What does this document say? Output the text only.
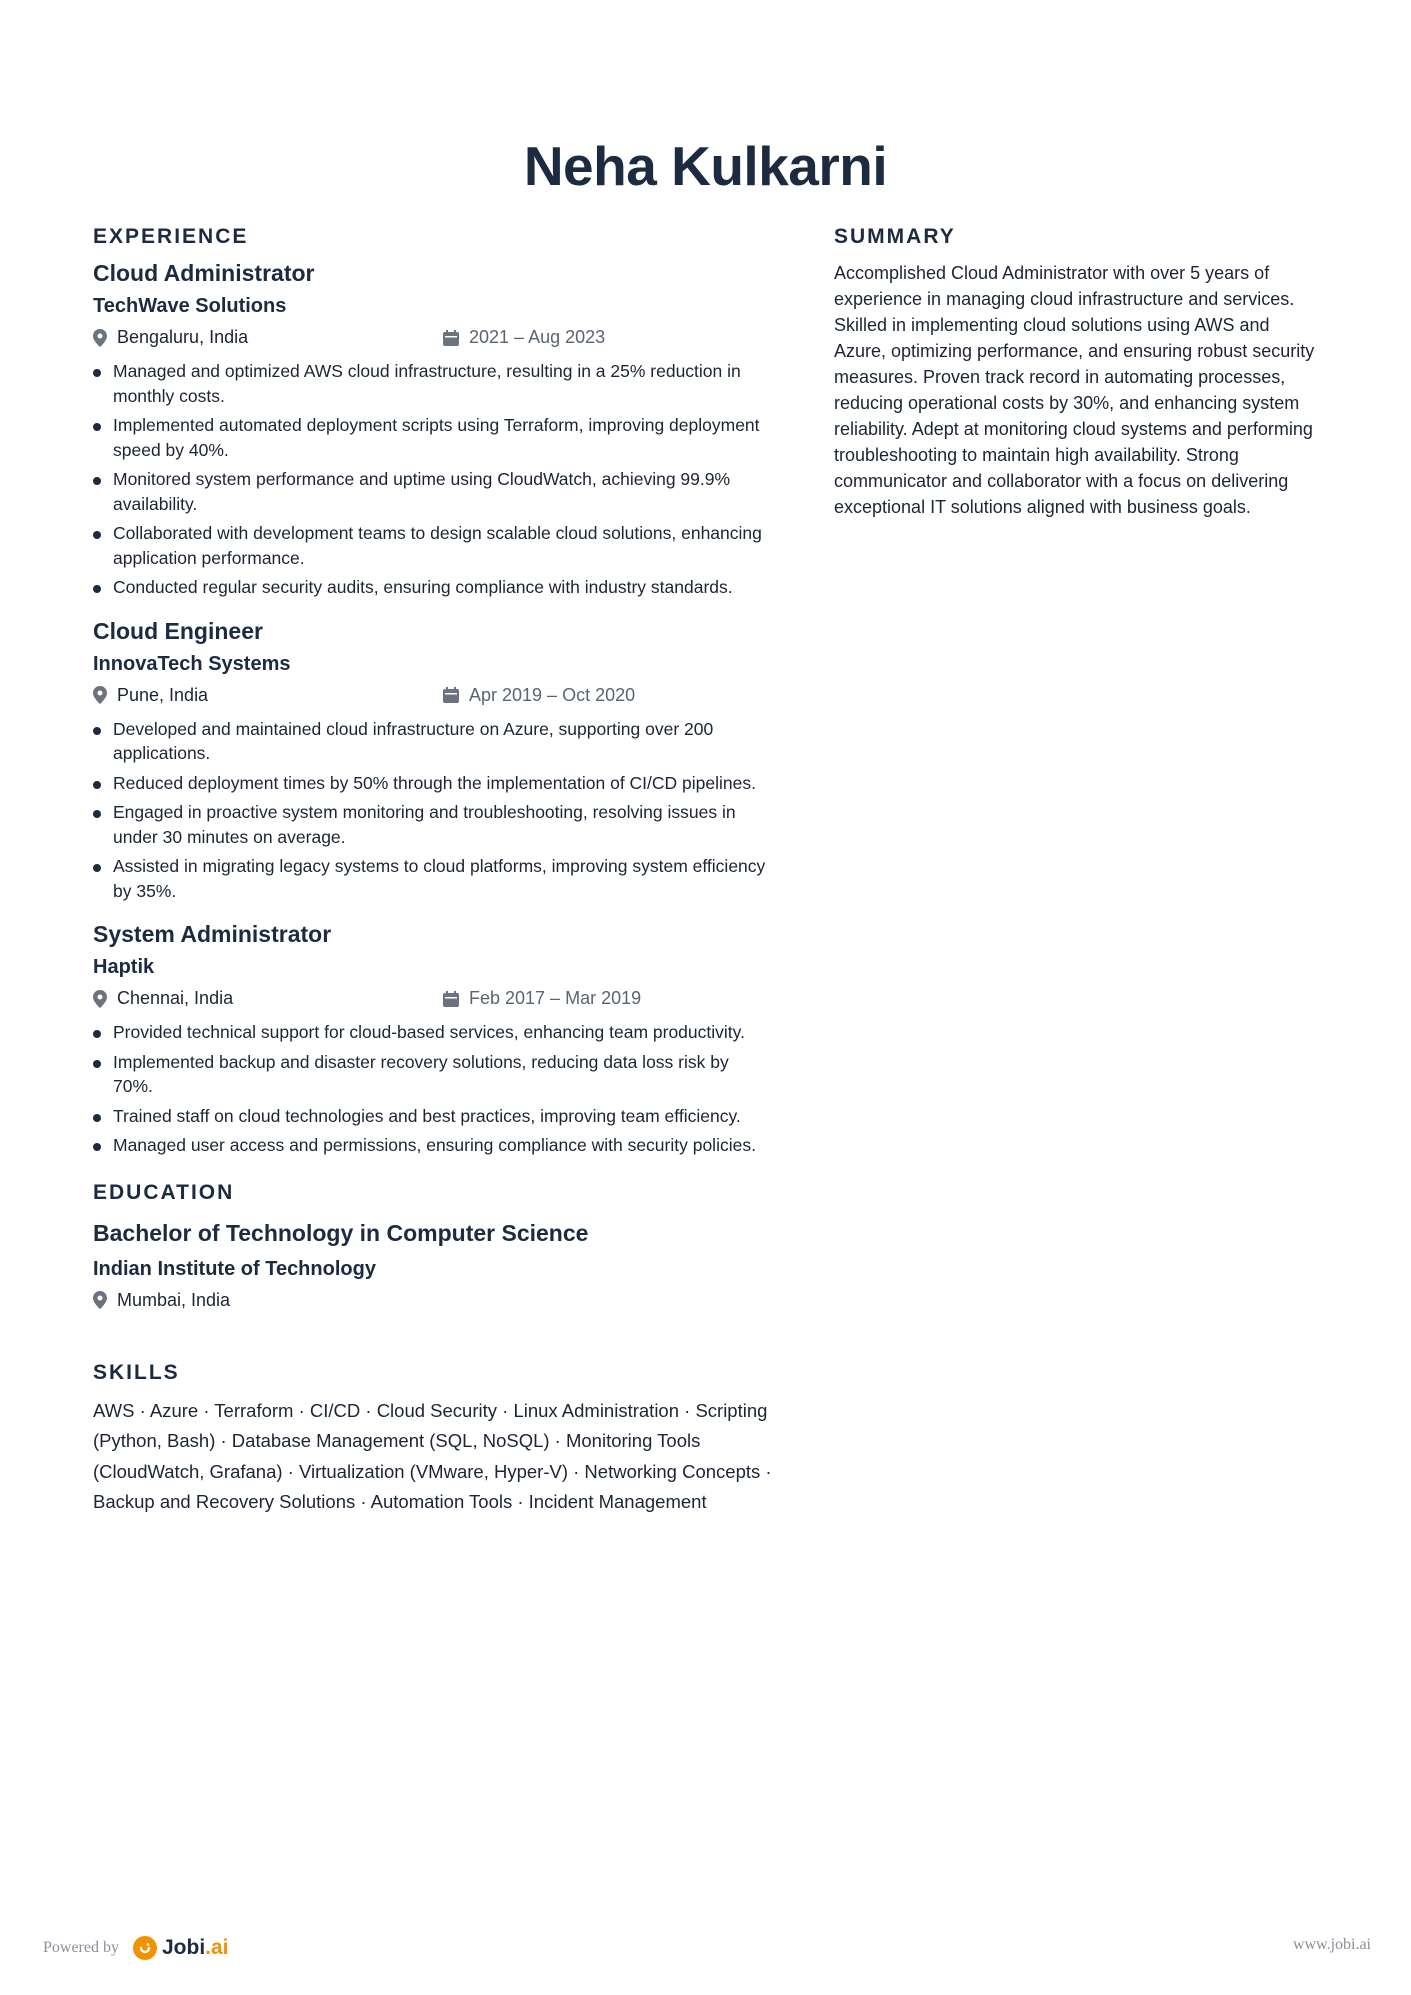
Neha Kulkarni
EXPERIENCE
Cloud Administrator
TechWave Solutions
Bengaluru, India	2021 – Aug 2023
Managed and optimized AWS cloud infrastructure, resulting in a 25% reduction in monthly costs.
Implemented automated deployment scripts using Terraform, improving deployment speed by 40%.
Monitored system performance and uptime using CloudWatch, achieving 99.9% availability.
Collaborated with development teams to design scalable cloud solutions, enhancing application performance.
Conducted regular security audits, ensuring compliance with industry standards.
Cloud Engineer
InnovaTech Systems
Pune, India	Apr 2019 – Oct 2020
Developed and maintained cloud infrastructure on Azure, supporting over 200 applications.
Reduced deployment times by 50% through the implementation of CI/CD pipelines.
Engaged in proactive system monitoring and troubleshooting, resolving issues in under 30 minutes on average.
Assisted in migrating legacy systems to cloud platforms, improving system efficiency by 35%.
System Administrator
Haptik
Chennai, India	Feb 2017 – Mar 2019
Provided technical support for cloud-based services, enhancing team productivity.
Implemented backup and disaster recovery solutions, reducing data loss risk by 70%.
Trained staff on cloud technologies and best practices, improving team efficiency.
Managed user access and permissions, ensuring compliance with security policies.
EDUCATION
Bachelor of Technology in Computer Science
Indian Institute of Technology
Mumbai, India
SKILLS

AWS · Azure · Terraform · CI/CD · Cloud Security · Linux Administration · Scripting (Python, Bash) · Database Management (SQL, NoSQL) · Monitoring Tools (CloudWatch, Grafana) · Virtualization (VMware, Hyper-V) · Networking Concepts · Backup and Recovery Solutions · Automation Tools · Incident Management

SUMMARY

Accomplished Cloud Administrator with over 5 years of experience in managing cloud infrastructure and services. Skilled in implementing cloud solutions using AWS and Azure, optimizing performance, and ensuring robust security measures. Proven track record in automating processes, reducing operational costs by 30%, and enhancing system reliability. Adept at monitoring cloud systems and performing troubleshooting to maintain high availability. Strong communicator and collaborator with a focus on delivering exceptional IT solutions aligned with business goals.

Powered by Jobi.ai	www.jobi.ai
